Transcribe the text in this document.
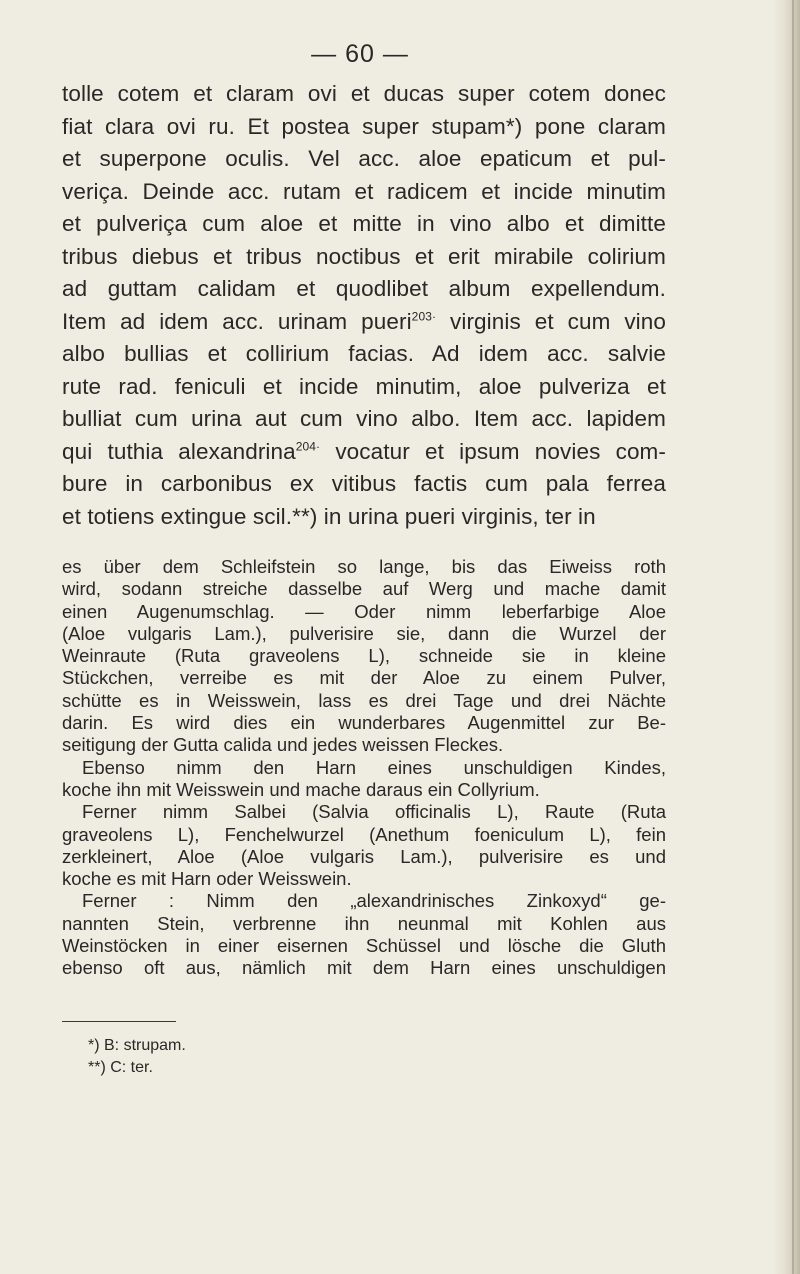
— 60 —
tolle cotem et claram ovi et ducas super cotem donec
fiat clara ovi ru. Et postea super stupam*) pone claram
et superpone oculis. Vel acc. aloe epaticum et pul-
veriça. Deinde acc. rutam et radicem et incide minutim
et pulveriça cum aloe et mitte in vino albo et dimitte
tribus diebus et tribus noctibus et erit mirabile colirium
ad guttam calidam et quodlibet album expellendum.
Item ad idem acc. urinam pueri$^{203\cdot}$ virginis et cum vino
albo bullias et collirium facias. Ad idem acc. salvie
rute rad. feniculi et incide minutim, aloe pulveriza et
bulliat cum urina aut cum vino albo. Item acc. lapidem
qui tuthia alexandrina$^{204\cdot}$ vocatur et ipsum novies com-
bure in carbonibus ex vitibus factis cum pala ferrea
et totiens extingue scil.**) in urina pueri virginis, ter in
es über dem Schleifstein so lange, bis das Eiweiss roth
wird, sodann streiche dasselbe auf Werg und mache damit
einen Augenumschlag. — Oder nimm leberfarbige Aloe
(Aloe vulgaris Lam.), pulverisire sie, dann die Wurzel der
Weinraute (Ruta graveolens L), schneide sie in kleine
Stückchen, verreibe es mit der Aloe zu einem Pulver,
schütte es in Weisswein, lass es drei Tage und drei Nächte
darin. Es wird dies ein wunderbares Augenmittel zur Be-
seitigung der Gutta calida und jedes weissen Fleckes.
Ebenso nimm den Harn eines unschuldigen Kindes,
koche ihn mit Weisswein und mache daraus ein Collyrium.
Ferner nimm Salbei (Salvia officinalis L), Raute (Ruta
graveolens L), Fenchelwurzel (Anethum foeniculum L), fein
zerkleinert, Aloe (Aloe vulgaris Lam.), pulverisire es und
koche es mit Harn oder Weisswein.
Ferner : Nimm den „alexandrinisches Zinkoxyd“ ge-
nannten Stein, verbrenne ihn neunmal mit Kohlen aus
Weinstöcken in einer eisernen Schüssel und lösche die Gluth
ebenso oft aus, nämlich mit dem Harn eines unschuldigen
*) B: strupam.
**) C: ter.
